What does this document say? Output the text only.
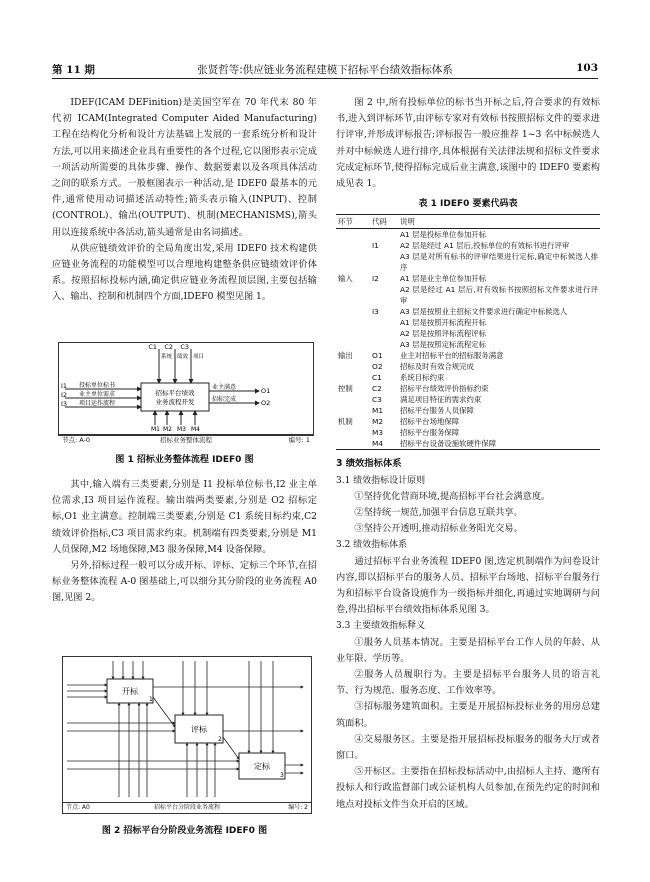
第 11 期	张贤哲等:供应链业务流程建模下招标平台绩效指标体系	103

IDEF(ICAM DEFinition)是美国空军在 70 年代末 80 年代初 ICAM(Integrated Computer Aided Manufacturing)工程在结构化分析和设计方法基础上发展的一套系统分析和设计方法,可以用来描述企业具有重要性的各个过程,它以图形表示完成一项活动所需要的具体步骤、操作、数据要素以及各项具体活动之间的联系方式。一般框图表示一种活动,是 IDEF0 最基本的元件,通常使用动词描述活动特性;箭头表示输入(INPUT)、控制(CONTROL)、输出(OUTPUT)、机制(MECHANISMS),箭头用以连接系统中各活动,箭头通常是由名词描述。

从供应链绩效评价的全局角度出发,采用 IDEF0 技术构建供应链业务流程的功能模型可以合理地构建整条供应链绩效评价体系。按照招标投标内涵,确定供应链业务流程顶层图,主要包括输入、输出、控制和机制四个方面,IDEF0 模型见图 1。

招标平台绩效
业务流程开发
C1 C2 C3
系统 绩效 项目
I1
I2
I3
投标单位标书
业主单位需求
项目运作流程
业主满意
招标完成
O1
O2
M1 M2 M3 M4
节点: A-0	招标业务整体流程	编号: 1
图 1 招标业务整体流程 IDEF0 图

其中,输入端有三类要素,分别是 I1 投标单位标书,I2 业主单位需求,I3 项目运作流程。输出端两类要素,分别是 O2 招标定标,O1 业主满意。控制端三类要素,分别是 C1 系统目标约束,C2 绩效评价指标,C3 项目需求约束。机制端有四类要素,分别是 M1 人员保障,M2 场地保障,M3 服务保障,M4 设备保障。

另外,招标过程一般可以分成开标、评标、定标三个环节,在招标业务整体流程 A-0 图基础上,可以细分其分阶段的业务流程 A0 图,见图 2。

开标
评标
定标
1
2
3
节点: A0	招标平台分阶段业务流程	编号: 2
图 2 招标平台分阶段业务流程 IDEF0 图

图 2 中,所有投标单位的标书当开标之后,符合要求的有效标书,进入到评标环节,由评标专家对有效标书按照招标文件的要求进行评审,并形成评标报告;评标报告一般应推荐 1~3 名中标候选人并对中标候选人进行排序,具体根据有关法律法规和招标文件要求完成定标环节,使得招标完成后业主满意,该图中的 IDEF0 要素构成见表 1。

表 1 IDEF0 要素代码表
环节	代码	说明
		A1 层是投标单位参加开标
	I1	A2 层是经过 A1 层后,投标单位的有效标书进行评审
		A3 层是对所有标书的评审结果进行定标,确定中标候选人排序
输入	I2	A1 层是业主单位参加开标
		A2 层是经过 A1 层后,对有效标书按照招标文件要求进行评审
	I3	A3 层是按照业主招标文件要求进行确定中标候选人
		A1 层是按照开标流程开标
		A2 层是按照评标流程评标
		A3 层是按照定标流程定标
输出	O1	业主对招标平台的招标服务满意
	O2	招标及时有效合规完成
	C1	系统目标约束
控制	C2	招标平台绩效评价指标约束
	C3	满足项目特征的需求约束
	M1	招标平台服务人员保障
机制	M2	招标平台场地保障
	M3	招标平台服务保障
	M4	招标平台设备设施软硬件保障
3 绩效指标体系
3.1 绩效指标设计原则
①坚持优化营商环境,提高招标平台社会满意度。
②坚持统一规范,加强平台信息互联共享。
③坚持公开透明,推动招标业务阳光交易。
3.2 绩效指标体系

通过招标平台业务流程 IDEF0 图,选定机制端作为问卷设计内容,即以招标平台的服务人员、招标平台场地、招标平台服务行为和招标平台设备设施作为一级指标并细化,再通过实地调研与问卷,得出招标平台绩效指标体系见图 3。

3.3 主要绩效指标释义

①服务人员基本情况。主要是招标平台工作人员的年龄、从业年限、学历等。

②服务人员履职行为。主要是招标平台服务人员的语言礼节、行为规范、服务态度、工作效率等。

③招标服务建筑面积。主要是开展招标投标业务的用房总建筑面积。

④交易服务区。主要是指开展招标投标服务的服务大厅或者窗口。

⑤开标区。主要指在招标投标活动中,由招标人主持、邀所有投标人和行政监督部门或公证机构人员参加,在预先约定的时间和地点对投标文件当众开启的区域。
